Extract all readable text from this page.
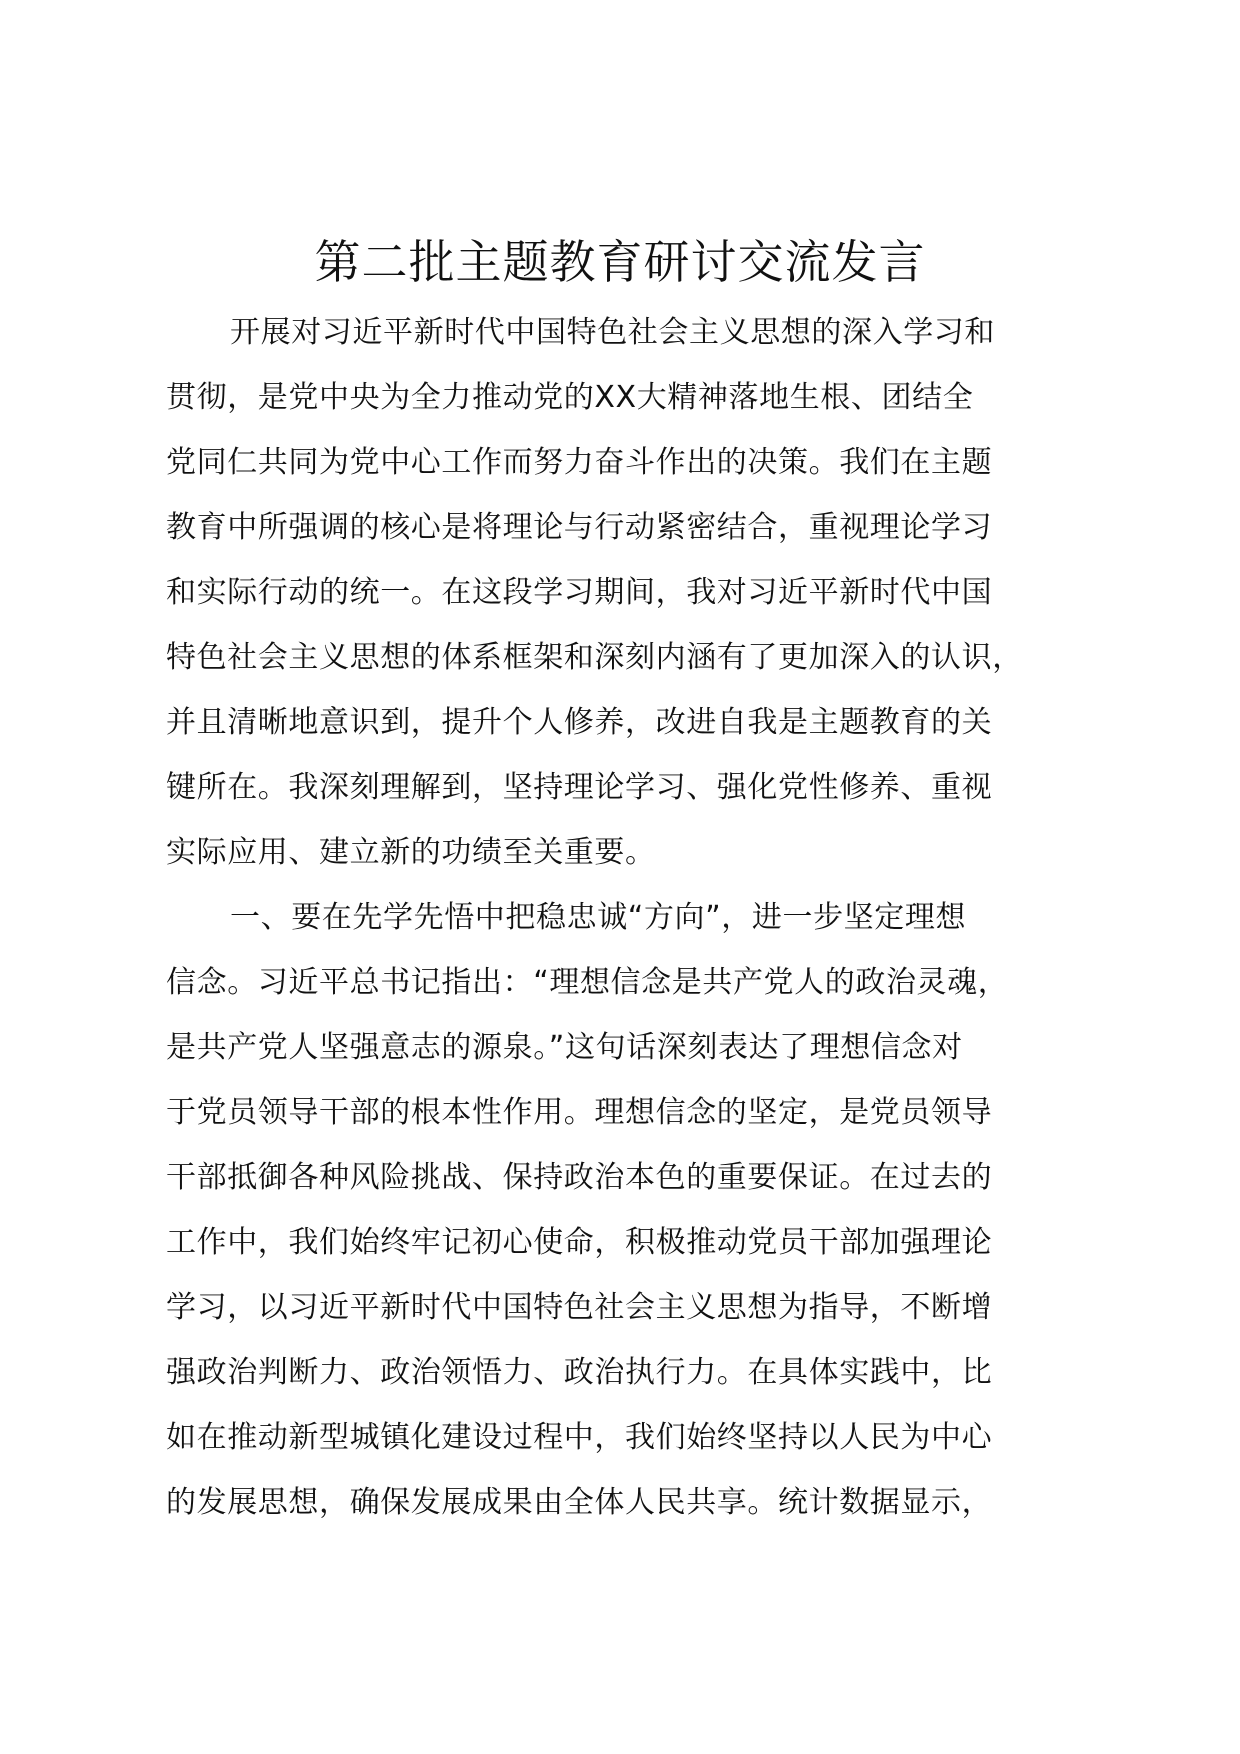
第二批主题教育研讨交流发言
开展对习近平新时代中国特色社会主义思想的深入学习和
贯彻，是党中央为全力推动党的XX大精神落地生根、团结全
党同仁共同为党中心工作而努力奋斗作出的决策。我们在主题
教育中所强调的核心是将理论与行动紧密结合，重视理论学习
和实际行动的统一。在这段学习期间，我对习近平新时代中国
特色社会主义思想的体系框架和深刻内涵有了更加深入的认识，
并且清晰地意识到，提升个人修养，改进自我是主题教育的关
键所在。我深刻理解到，坚持理论学习、强化党性修养、重视
实际应用、建立新的功绩至关重要。
一、要在先学先悟中把稳忠诚“方向”，进一步坚定理想
信念。习近平总书记指出：“理想信念是共产党人的政治灵魂，
是共产党人坚强意志的源泉。”这句话深刻表达了理想信念对
于党员领导干部的根本性作用。理想信念的坚定，是党员领导
干部抵御各种风险挑战、保持政治本色的重要保证。在过去的
工作中，我们始终牢记初心使命，积极推动党员干部加强理论
学习，以习近平新时代中国特色社会主义思想为指导，不断增
强政治判断力、政治领悟力、政治执行力。在具体实践中，比
如在推动新型城镇化建设过程中，我们始终坚持以人民为中心
的发展思想，确保发展成果由全体人民共享。统计数据显示，
